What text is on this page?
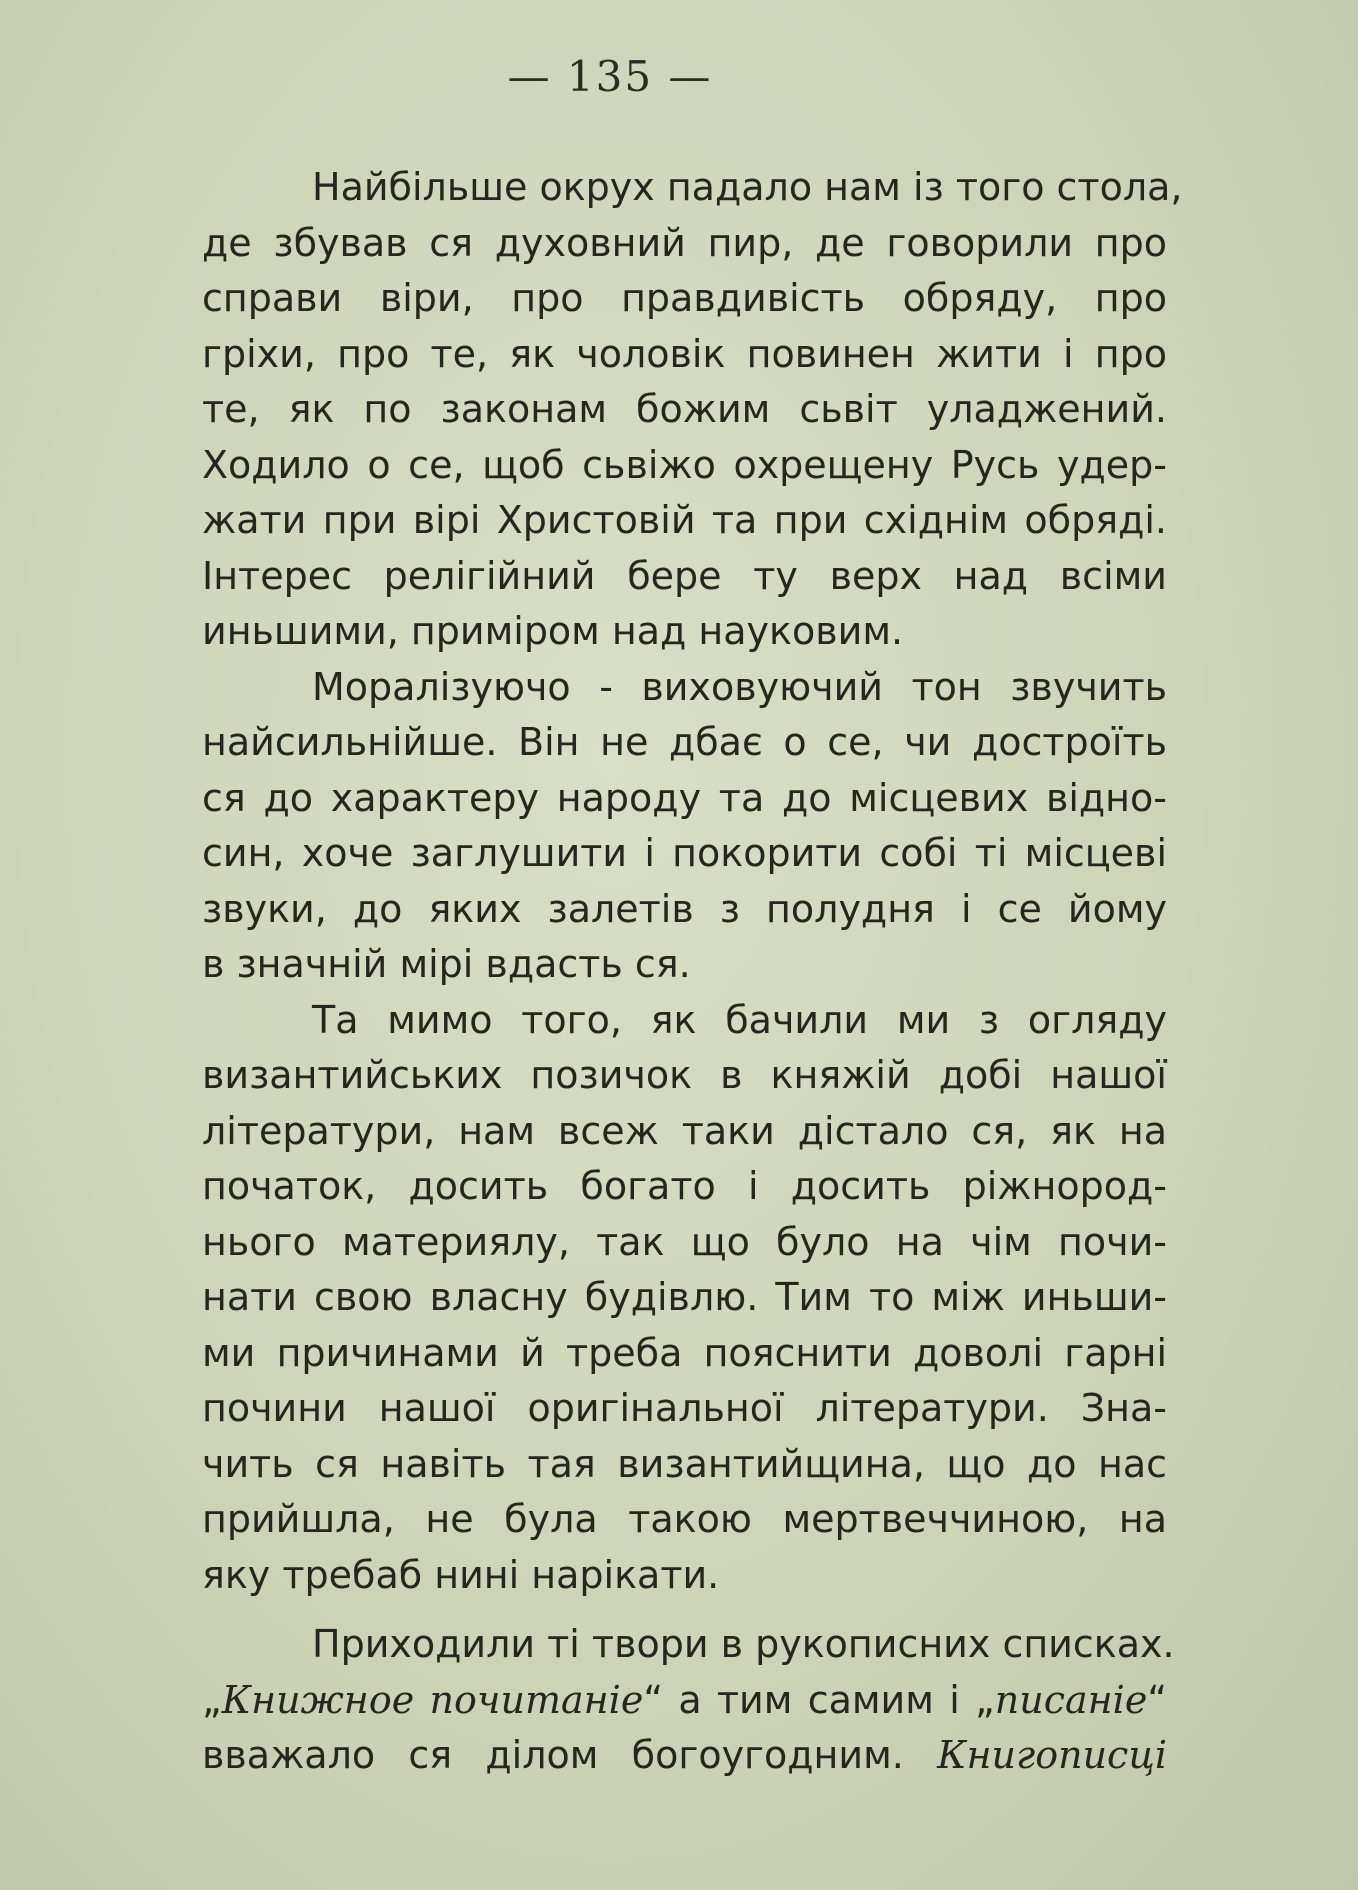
— 135 —
Найбільше окрух падало нам із того стола,
де збував ся духовний пир, де говорили про
справи віри, про правдивість обряду, про
гріхи, про те, як чоловік повинен жити і про
те, як по законам божим сьвіт уладжений.
Ходило о се, щоб сьвіжо охрещену Русь удер-
жати при вірі Христовій та при східнім обряді.
Інтерес релігійний бере ту верх над всіми
иньшими, примірoм над науковим.
Моралізуючо - виховуючий тон звучить
найсильнійше. Він не дбає о се, чи достроїть
ся до характеру народу та до місцевих відно-
син, хоче заглушити і покорити собі ті місцеві
звуки, до яких залетів з полудня і се йому
в значній мірі вдасть ся.
Та мимо того, як бачили ми з огляду
византийських позичок в княжій добі нашої
літератури, нам всеж таки дістало ся, як на
початок, досить богато і досить ріжнород-
нього материялу, так що було на чім почи-
нати свою власну будівлю. Тим то між иньши-
ми причинами й треба пояснити доволі гарні
почини нашої оригінальної літератури. Зна-
чить ся навіть тая византийщина, що до нас
прийшла, не була такою мертвеччиною, на
яку требаб нині нарікати.
Приходили ті твори в рукописних списках.
„Книжное почитаніе“ а тим самим і „писаніе“
вважало ся ділом богоугодним. Книгописці
